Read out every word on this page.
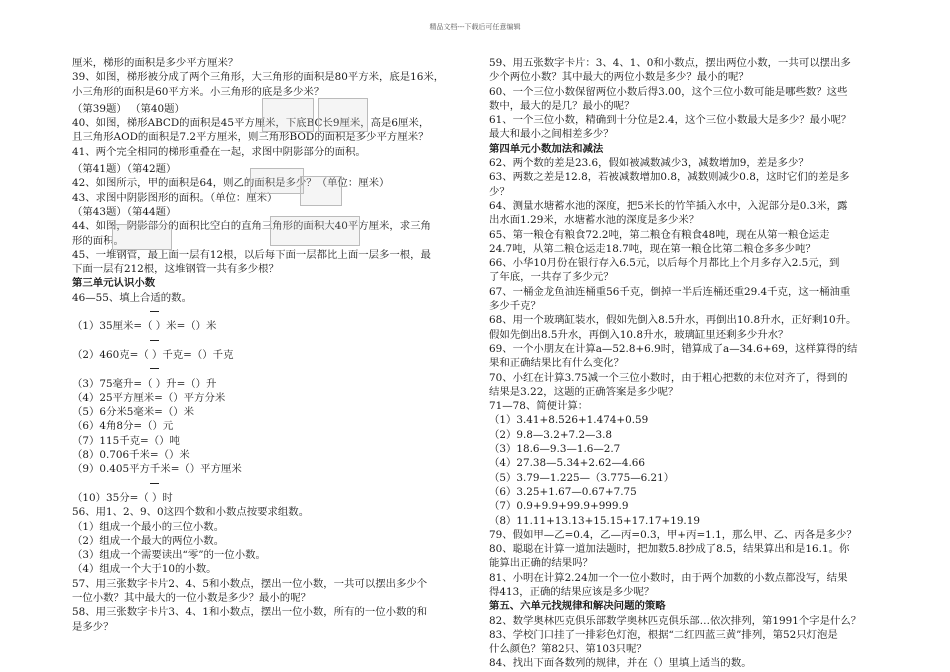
精品文档---下载后可任意编辑
厘米，梯形的面积是多少平方厘米？
39、如图，梯形被分成了两个三角形，大三角形的面积是80平方米，底是16米，
小三角形的面积是60平方米。小三角形的底是多少米？
（第39题） （第40题）
40、如图，梯形ABCD的面积是45平方厘米，下底BC长9厘米，高是6厘米，
且三角形AOD的面积是7.2平方厘米，则三角形BOD的面积是多少平方厘米？
41、两个完全相同的梯形重叠在一起，求图中阴影部分的面积。
（第41题）（第42题）
42、如图所示，甲的面积是64，则乙的面积是多少？（单位：厘米）
43、求图中阴影图形的面积。（单位：厘米）
（第43题）（第44题）
44、如图，阴影部分的面积比空白的直角三角形的面积大40平方厘米，求三角
形的面积。
45、一堆钢管，最上面一层有12根，以后每下面一层都比上面一层多一根，最
下面一层有212根，这堆钢管一共有多少根？
第三单元认识小数
46—55、填上合适的数。
（1）35厘米=（ ）米=（）米
（2）460克=（ ）千克=（）千克
（3）75毫升=（ ）升=（）升
（4）25平方厘米=（）平方分米
（5）6分米5毫米=（）米
（6）4角8分=（）元
（7）115千克=（）吨
（8）0.706千米=（）米
（9）0.405平方千米=（）平方厘米
（10）35分=（ ）时
56、用1、2、9、0这四个数和小数点按要求组数。
（1）组成一个最小的三位小数。
（2）组成一个最大的两位小数。
（3）组成一个需要读出“零”的一位小数。
（4）组成一个大于10的小数。
57、用三张数字卡片2、4、5和小数点，摆出一位小数，一共可以摆出多少个
一位小数？其中最大的一位小数是多少？最小的呢？
58、用三张数字卡片3、4、1和小数点，摆出一位小数，所有的一位小数的和
是多少？
59、用五张数字卡片：3、4、1、0和小数点，摆出两位小数，一共可以摆出多
少个两位小数？其中最大的两位小数是多少？最小的呢？
60、一个三位小数保留两位小数后得3.00，这个三位小数可能是哪些数？这些
数中，最大的是几？最小的呢？
61、一个三位小数，精确到十分位是2.4，这个三位小数最大是多少？最小呢？
最大和最小之间相差多少？
第四单元小数加法和减法
62、两个数的差是23.6，假如被减数减少3，减数增加9，差是多少？
63、两数之差是12.8，若被减数增加0.8，减数则减少0.8，这时它们的差是多
少？
64、测量水塘蓄水池的深度，把5米长的竹竿插入水中，入泥部分是0.3米，露
出水面1.29米，水塘蓄水池的深度是多少米？
65、第一粮仓有粮食72.2吨，第二粮仓有粮食48吨，现在从第一粮仓运走
24.7吨，从第二粮仓运走18.7吨，现在第一粮仓比第二粮仓多多少吨？
66、小华10月份在银行存入6.5元，以后每个月都比上个月多存入2.5元，到
了年底，一共存了多少元？
67、一桶金龙鱼油连桶重56千克，倒掉一半后连桶还重29.4千克，这一桶油重
多少千克？
68、用一个玻璃缸装水，假如先倒入8.5升水，再倒出10.8升水，正好剩10升。
假如先倒出8.5升水，再倒入10.8升水，玻璃缸里还剩多少升水？
69、一个小朋友在计算a—52.8+6.9时，错算成了a—34.6+69，这样算得的结
果和正确结果比有什么变化？
70、小红在计算3.75减一个三位小数时，由于粗心把数的末位对齐了，得到的
结果是3.22，这题的正确答案是多少呢？
71—78、简便计算：
（1）3.41+8.526+1.474+0.59
（2）9.8—3.2+7.2—3.8
（3）18.6—9.3—1.6—2.7
（4）27.38—5.34+2.62—4.66
（5）3.79—1.225—（3.775—6.21）
（6）3.25+1.67—0.67+7.75
（7）0.9+9.9+99.9+999.9
（8）11.11+13.13+15.15+17.17+19.19
79、假如甲—乙=0.4，乙—丙=0.3，甲+丙=1.1，那么甲、乙、丙各是多少？
80、聪聪在计算一道加法题时，把加数5.8抄成了8.5，结果算出和是16.1。你
能算出正确的结果吗？
81、小明在计算2.24加一个一位小数时，由于两个加数的小数点都没写，结果
得413，正确的结果应该是多少呢？
第五、六单元找规律和解决问题的策略
82、数学奥林匹克俱乐部数学奥林匹克俱乐部…依次排列，第1991个字是什么？
83、学校门口挂了一排彩色灯泡，根据“二红四蓝三黄”排列，第52只灯泡是
什么颜色？第82只、第103只呢？
84、找出下面各数列的规律，并在（）里填上适当的数。
